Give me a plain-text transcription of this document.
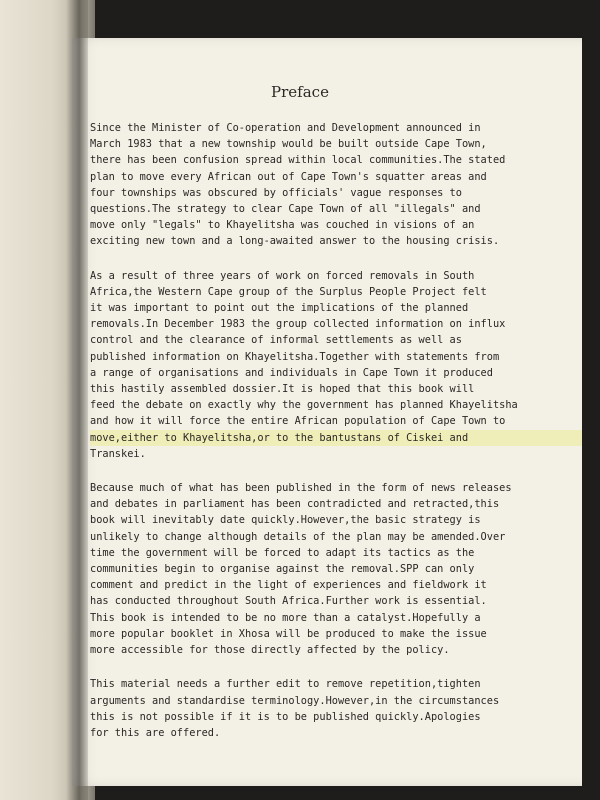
Preface

Since the Minister of Co-operation and Development announced in

March 1983 that a new township would be built outside Cape Town,

there has been confusion spread within local communities.The stated

plan to move every African out of Cape Town's squatter areas and

four townships was obscured by officials' vague responses to

questions.The strategy to clear Cape Town of all "illegals" and

move only "legals" to Khayelitsha was couched in visions of an

exciting new town and a long-awaited answer to the housing crisis.

As a result of three years of work on forced removals in South

Africa,the Western Cape group of the Surplus People Project felt

it was important to point out the implications of the planned

removals.In December 1983 the group collected information on influx

control and the clearance of informal settlements as well as

published information on Khayelitsha.Together with statements from

a range of organisations and individuals in Cape Town it produced

this hastily assembled dossier.It is hoped that this book will

feed the debate on exactly why the government has planned Khayelitsha

and how it will force the entire African population of Cape Town to

move,either to Khayelitsha,or to the bantustans of Ciskei and

Transkei.

Because much of what has been published in the form of news releases

and debates in parliament has been contradicted and retracted,this

book will inevitably date quickly.However,the basic strategy is

unlikely to change although details of the plan may be amended.Over

time the government will be forced to adapt its tactics as the

communities begin to organise against the removal.SPP can only

comment and predict in the light of experiences and fieldwork it

has conducted throughout South Africa.Further work is essential.

This book is intended to be no more than a catalyst.Hopefully a

more popular booklet in Xhosa will be produced to make the issue

more accessible for those directly affected by the policy.

This material needs a further edit to remove repetition,tighten

arguments and standardise terminology.However,in the circumstances

this is not possible if it is to be published quickly.Apologies

for this are offered.
